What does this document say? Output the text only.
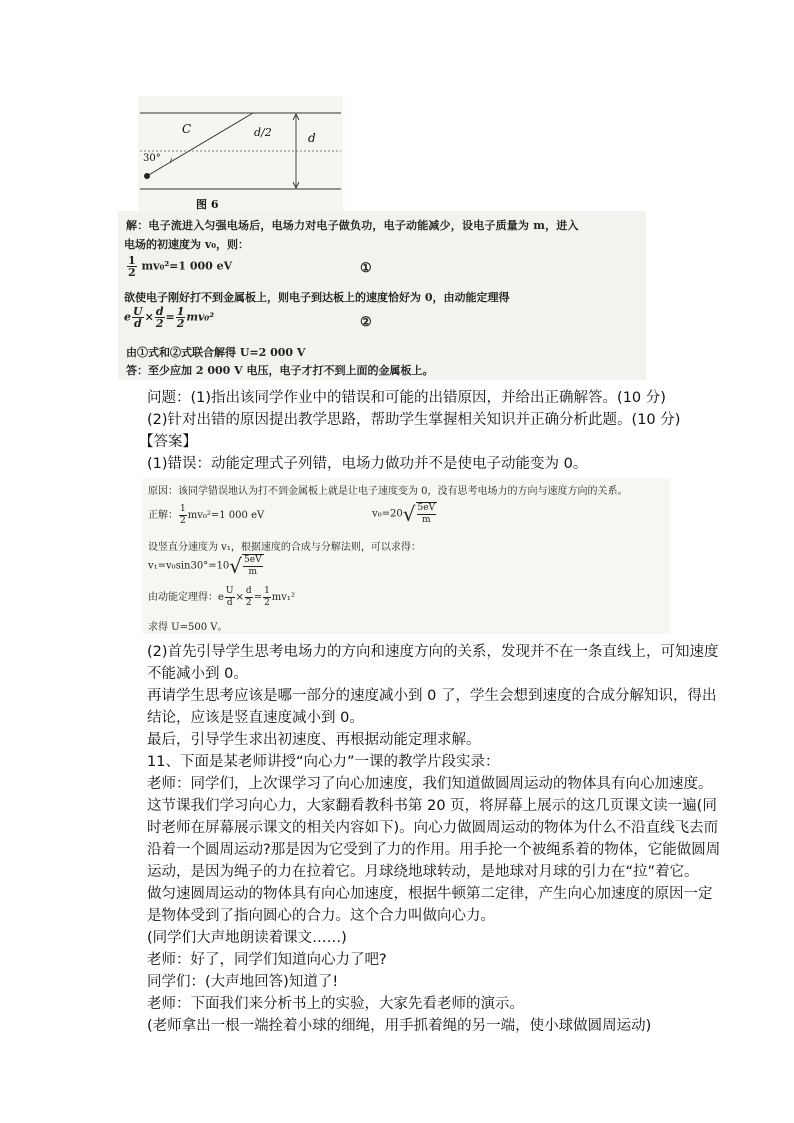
C	d/2	d
30°
图 6
解：电子流进入匀强电场后，电场力对电子做负功，电子动能减少，设电子质量为 m，进入
电场的初速度为 v₀，则：
$\frac{1}{2} mv_0^2=1$ 000 eV	①
欲使电子刚好打不到金属板上，则电子到达板上的速度恰好为 0，由动能定理得
e $\frac{U}{d} \times \frac{d}{2} = \frac{1}{2} mv_0^2$	②
由①式和②式联合解得 U=2 000 V
答：至少应加 2 000 V 电压，电子才打不到上面的金属板上。
问题：(1)指出该同学作业中的错误和可能的出错原因，并给出正确解答。(10 分)
(2)针对出错的原因提出教学思路，帮助学生掌握相关知识并正确分析此题。(10 分)
【答案】
(1)错误：动能定理式子列错，电场力做功并不是使电子动能变为 0。
原因：该同学错误地认为打不到金属板上就是让电子速度变为 0，没有思考电场力的方向与速度方向的关系。
正解： $\frac{1}{2} mv_0^2=1$ 000 eV	$v_0=20√ \frac{5eV}{m}$
设竖直分速度为 v₁，根据速度的合成与分解法则，可以求得：
$v_1=v_0\sin 30^\circ=10√ \frac{5eV}{m}$
由动能定理得：e $\frac{U}{d} \times \frac{d}{2} = \frac{1}{2} mv_1^2$
求得 U=500 V。
(2)首先引导学生思考电场力的方向和速度方向的关系，发现并不在一条直线上，可知速度
不能减小到 0。
再请学生思考应该是哪一部分的速度减小到 0 了，学生会想到速度的合成分解知识，得出
结论，应该是竖直速度减小到 0。
最后，引导学生求出初速度、再根据动能定理求解。
11、下面是某老师讲授“向心力”一课的教学片段实录：
老师：同学们，上次课学习了向心加速度，我们知道做圆周运动的物体具有向心加速度。
这节课我们学习向心力，大家翻看教科书第 20 页，将屏幕上展示的这几页课文读一遍(同
时老师在屏幕展示课文的相关内容如下)。向心力做圆周运动的物体为什么不沿直线飞去而
沿着一个圆周运动?那是因为它受到了力的作用。用手抡一个被绳系着的物体，它能做圆周
运动，是因为绳子的力在拉着它。月球绕地球转动，是地球对月球的引力在“拉”着它。
做匀速圆周运动的物体具有向心加速度，根据牛顿第二定律，产生向心加速度的原因一定
是物体受到了指向圆心的合力。这个合力叫做向心力。
(同学们大声地朗读着课文……)
老师：好了，同学们知道向心力了吧?
同学们：(大声地回答)知道了!
老师：下面我们来分析书上的实验，大家先看老师的演示。
(老师拿出一根一端拴着小球的细绳，用手抓着绳的另一端，使小球做圆周运动)
